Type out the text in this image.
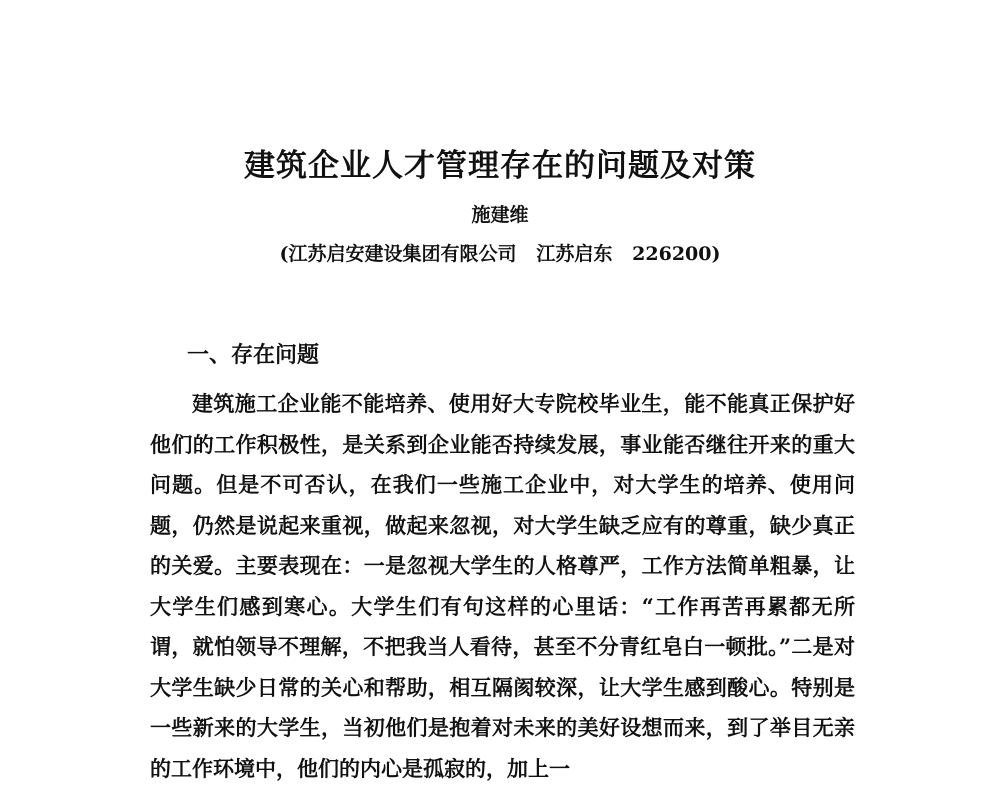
建筑企业人才管理存在的问题及对策
施建维
(江苏启安建设集团有限公司   江苏启东   226200)
一、存在问题

建筑施工企业能不能培养、使用好大专院校毕业生，能不能真正保护好他们的工作积极性，是关系到企业能否持续发展，事业能否继往开来的重大问题。但是不可否认，在我们一些施工企业中，对大学生的培养、使用问题，仍然是说起来重视，做起来忽视，对大学生缺乏应有的尊重，缺少真正的关爱。主要表现在：一是忽视大学生的人格尊严，工作方法简单粗暴，让大学生们感到寒心。大学生们有句这样的心里话：“工作再苦再累都无所谓，就怕领导不理解，不把我当人看待，甚至不分青红皂白一顿批。”二是对大学生缺少日常的关心和帮助，相互隔阂较深，让大学生感到酸心。特别是一些新来的大学生，当初他们是抱着对未来的美好设想而来，到了举目无亲的工作环境中，他们的内心是孤寂的，加上一
